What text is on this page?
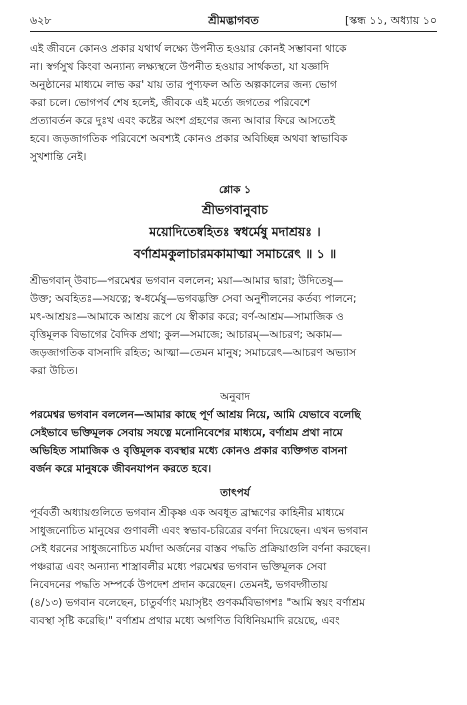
৬২৮	শ্রীমদ্ভাগবত	[স্কন্ধ ১১, অধ্যায় ১০
এই জীবনে কোনও প্রকার যথার্থ লক্ষ্যে উপনীত হওয়ার কোনই সম্ভাবনা থাকে
না। স্বর্গসুখ কিংবা অন্যান্য লক্ষ্যস্থলে উপনীত হওয়ার সার্থকতা, যা যজ্ঞাদি
অনুষ্ঠানের মাধ্যমে লাভ কর' যায় তার পুণ্যফল অতি অল্পকালের জন্য ভোগ
করা চলে। ভোগপর্ব শেষ হলেই, জীবকে এই মর্ত্যে জগতের পরিবেশে
প্রত্যাবর্তন করে দুঃখ এবং কষ্টের অংশ গ্রহণের জন্য আবার ফিরে আসতেই
হবে। জড়জাগতিক পরিবেশে অবশ্যই কোনও প্রকার অবিচ্ছিন্ন অথবা স্বাভাবিক
সুখশান্তি নেই।
শ্লোক ১
শ্রীভগবানুবাচ
ময়োদিতেষ্বহিতঃ স্বধর্মেষু মদাশ্রয়ঃ ।
বর্ণাশ্রমকুলাচারমকামাত্মা সমাচরেৎ ॥ ১ ॥
শ্রীভগবান্ উবাচ—পরমেশ্বর ভগবান বললেন; ময়া—আমার দ্বারা; উদিতেষু—
উক্ত; অবহিতঃ—সযত্নে; স্ব-ধর্মেষু—ভগবদ্ভক্তি সেবা অনুশীলনের কর্তব্য পালনে;
মৎ-আশ্রয়ঃ—আমাকে আশ্রয় রূপে যে স্বীকার করে; বর্ণ-আশ্রম—সামাজিক ও
বৃত্তিমূলক বিভাগের বৈদিক প্রথা; কুল—সমাজে; আচারম্—আচরণ; অকাম—
জড়জাগতিক বাসনাদি রহিত; আত্মা—তেমন মানুষ; সমাচরেৎ—আচরণ অভ্যাস
করা উচিত।
অনুবাদ
পরমেশ্বর ভগবান বললেন—আমার কাছে পূর্ণ আশ্রয় নিয়ে, আমি যেভাবে বলেছি
সেইভাবে ভক্তিমূলক সেবায় সযত্নে মনোনিবেশের মাধ্যমে, বর্ণাশ্রম প্রথা নামে
অভিহিত সামাজিক ও বৃত্তিমূলক ব্যবস্থার মধ্যে কোনও প্রকার ব্যক্তিগত বাসনা
বর্জন করে মানুষকে জীবনযাপন করতে হবে।
তাৎপর্য
পূর্ববর্তী অধ্যায়গুলিতে ভগবান শ্রীকৃষ্ণ এক অবধূত ব্রাহ্মণের কাহিনীর মাধ্যমে
সাধুজনোচিত মানুষের গুণাবলী এবং স্বভাব-চরিত্রের বর্ণনা দিয়েছেন। এখন ভগবান
সেই ধরনের সাধুজনোচিত মর্যাদা অর্জনের বাস্তব পদ্ধতি প্রক্রিয়াগুলি বর্ণনা করছেন।
পঞ্চরাত্র এবং অন্যান্য শাস্ত্রাবলীর মধ্যে পরমেশ্বর ভগবান ভক্তিমূলক সেবা
নিবেদনের পদ্ধতি সম্পর্কে উপদেশ প্রদান করেছেন। তেমনই, ভগবদ্গীতায়
(৪/১৩) ভগবান বলেছেন, চাতুর্বর্ণ্যং ময়াসৃষ্টং গুণকর্মবিভাগশঃ "আমি স্বয়ং বর্ণাশ্রম
ব্যবস্থা সৃষ্টি করেছি।" বর্ণাশ্রম প্রথার মধ্যে অগণিত বিধিনিয়মাদি রয়েছে, এবং
